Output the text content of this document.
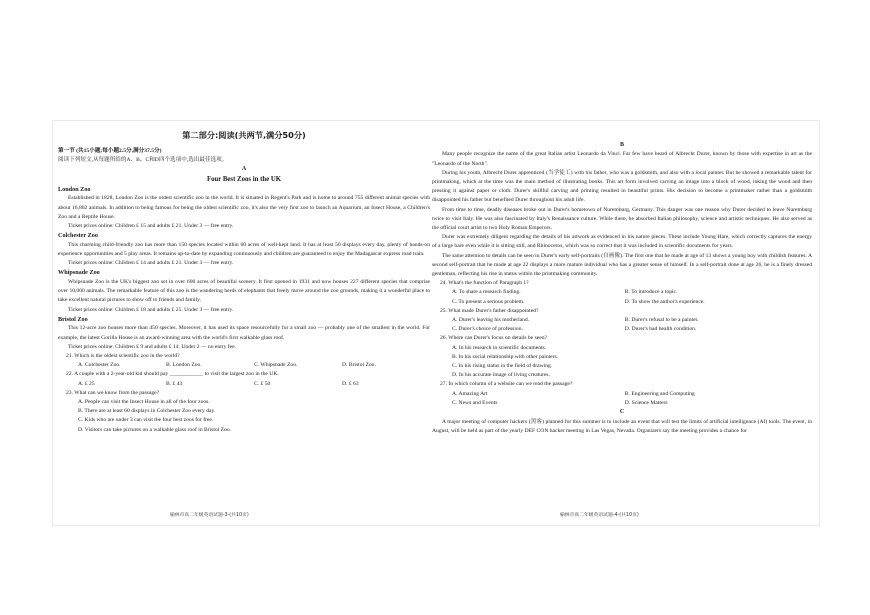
第二部分:阅读(共两节,满分50分)

第一节 (共15小题;每小题2.5分,满分37.5分)

阅读下列短文,从每题所给的A、B、C和D四个选项中,选出最佳选项。

A

Four Best Zoos in the UK

London Zoo

Established in 1828, London Zoo is the oldest scientific zoo in the world. It is situated in Regent's Park and is home to around 755 different animal species with about 16,802 animals. In addition to being famous for being the oldest scientific zoo, it's also the very first zoo to launch an Aquarium, an Insect House, a Children's Zoo and a Reptile House.

Ticket prices online: Children £ 15 and adults £ 21. Under 3 — free entry.

Colchester Zoo

This charming child-friendly zoo has more than 150 species located within 60 acres of well-kept land. It has at least 50 displays every day, plenty of hands-on experience opportunities and 5 play areas. It remains up-to-date by expanding continuously and children are guaranteed to enjoy the Madagascar express road train.

Ticket prices online: Children £ 14 and adults £ 21. Under 3 — free entry.

Whipsnade Zoo

Whipsnade Zoo is the UK's biggest zoo set in over 600 acres of beautiful scenery. It first opened in 1931 and now houses 227 different species that comprise over 10,000 animals. The remarkable feature of this zoo is the wandering herds of elephants that freely move around the zoo grounds, making it a wonderful place to take excellent natural pictures to show off to friends and family.

Ticket prices online: Children £ 18 and adults £ 25. Under 3 — free entry.

Bristol Zoo

This 12-acre zoo houses more than 450 species. Moreover, it has used its space resourcefully for a small zoo — probably one of the smallest in the world. For example, the latest Gorilla House is an award-winning area with the world's first walkable glass roof.

Ticket prices online: Children £ 9 and adults £ 14. Under 2 — no entry fee.

21. Which is the oldest scientific zoo in the world?

A. Colchester Zoo.	B. London Zoo.	C. Whipsnade Zoo.	D. Bristol Zoo.

22. A couple with a 2-year-old kid should pay ____________ to visit the largest zoo in the UK.

A. £ 25	B. £ 43	C. £ 50	D. £ 63

23. What can we know from the passage?

A. People can visit the Insect House in all of the four zoos.

B. There are at least 60 displays in Colchester Zoo every day.

C. Kids who are under 3 can visit the four best zoos for free.

D. Visitors can take pictures on a walkable glass roof in Bristol Zoo.

榆林市高二年级英语试题-3-(共10页)

B

Many people recognize the name of the great Italian artist Leonardo da Vinci. Far few have heard of Albrecht Durer, known by those with expertise in art as the "Leonardo of the North".

During his youth, Albrecht Durer apprenticed (当学徒工) with his father, who was a goldsmith, and also with a local painter. But he showed a remarkable talent for printmaking, which at the time was the main method of illustrating books. This art form involved carving an image into a block of wood, inking the wood and then pressing it against paper or cloth. Durer's skillful carving and printing resulted in beautiful prints. His decision to become a printmaker rather than a goldsmith disappointed his father but benefited Durer throughout his adult life.

From time to time, deadly diseases broke out in Durer's hometown of Nuremburg, Germany. This danger was one reason why Durer decided to leave Nuremburg twice to visit Italy. He was also fascinated by Italy's Renaissance culture. While there, he absorbed Italian philosophy, science and artistic techniques. He also served as the official court artist to two Holy Roman Emperors.

Durer was extremely diligent regarding the details of his artwork as evidenced in his nature pieces. These include Young Hare, which correctly captures the energy of a large hare even while it is sitting still, and Rhinoceros, which was so correct that it was included in scientific documents for years.

The same attention to details can be seen in Durer's early self-portraits (自画像). The first one that he made at age of 13 shows a young boy with childish features. A second self-portrait that he made at age 22 displays a more mature individual who has a greater sense of himself. In a self-portrait done at age 26, he is a finely dressed gentleman, reflecting his rise in status within the printmaking community.

24. What's the function of Paragraph 1?

A. To share a research finding.	B. To introduce a topic.
C. To present a serious problem.	D. To show the author's experience.

25. What made Durer's father disappointed?

A. Durer's leaving his motherland.	B. Durer's refusal to be a painter.
C. Durer's choice of profession.	D. Durer's bad health condition.

26. Where can Durer's focus on details be seen?

A. In his research in scientific documents.

B. In his social relationship with other painters.

C. In his rising status in the field of drawing.

D. In his accurate image of living creatures.

27. In which column of a website can we read the passage?

A. Amazing Art	B. Engineering and Computing
C. News and Events	D. Science Matters

C

A major meeting of computer hackers (黑客) planned for this summer is to include an event that will test the limits of artificial intelligence (AI) tools. The event, in August, will be held as part of the yearly DEF CON hacker meeting in Las Vegas, Nevada. Organizers say the meeting provides a chance for

榆林市高二年级英语试题-4-(共10页)
